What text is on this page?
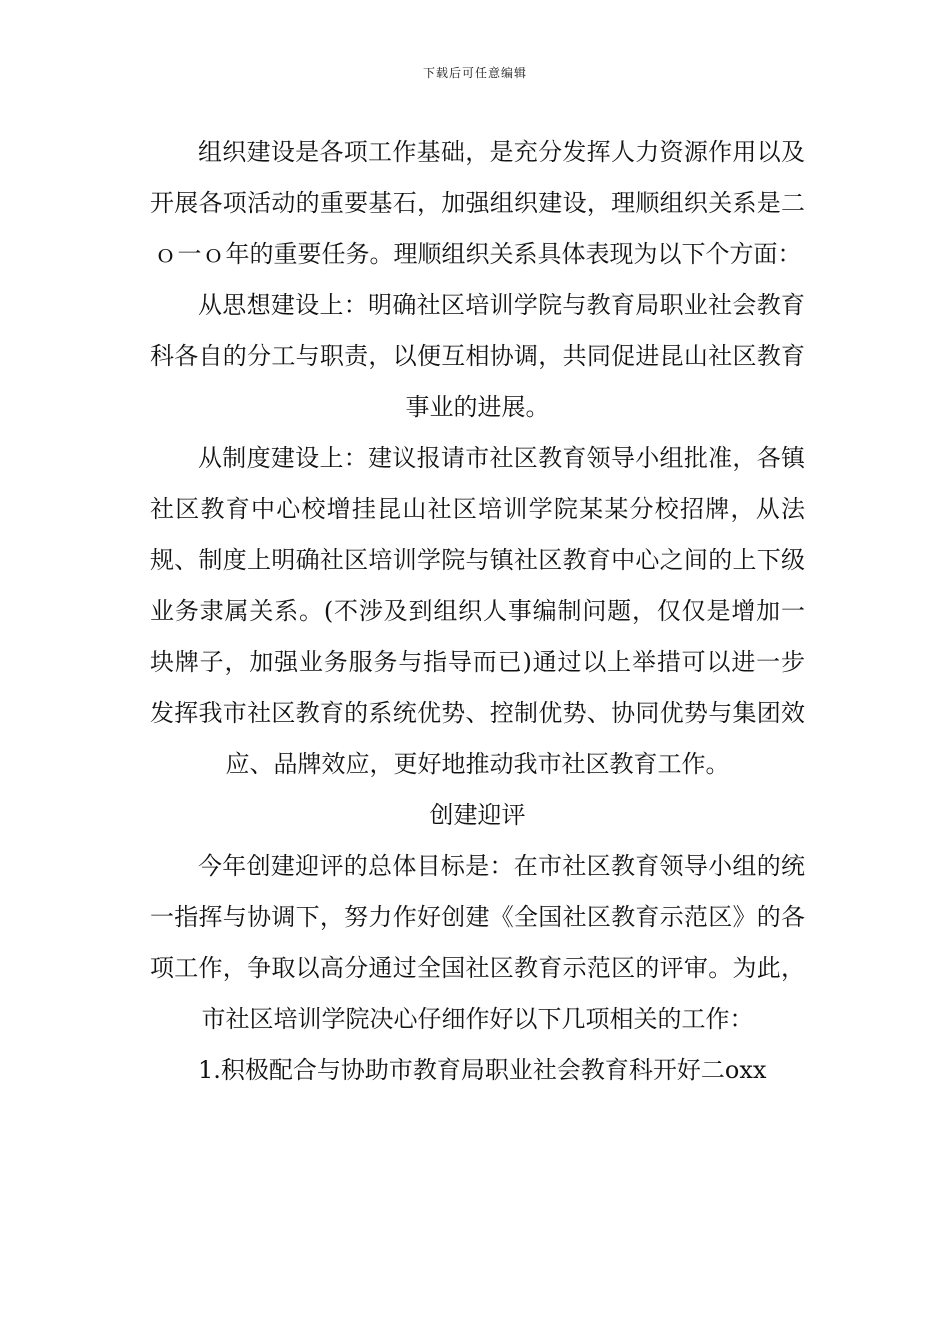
下载后可任意编辑

组织建设是各项工作基础，是充分发挥人力资源作用以及开展各项活动的重要基石，加强组织建设，理顺组织关系是二ｏ一ｏ年的重要任务。理顺组织关系具体表现为以下个方面：

从思想建设上：明确社区培训学院与教育局职业社会教育科各自的分工与职责，以便互相协调，共同促进昆山社区教育事业的进展。

从制度建设上：建议报请市社区教育领导小组批准，各镇社区教育中心校增挂昆山社区培训学院某某分校招牌，从法规、制度上明确社区培训学院与镇社区教育中心之间的上下级业务隶属关系。(不涉及到组织人事编制问题，仅仅是增加一块牌子，加强业务服务与指导而已)通过以上举措可以进一步发挥我市社区教育的系统优势、控制优势、协同优势与集团效应、品牌效应，更好地推动我市社区教育工作。

创建迎评

今年创建迎评的总体目标是：在市社区教育领导小组的统一指挥与协调下，努力作好创建《全国社区教育示范区》的各项工作，争取以高分通过全国社区教育示范区的评审。为此，市社区培训学院决心仔细作好以下几项相关的工作：

1.积极配合与协助市教育局职业社会教育科开好二oxx
